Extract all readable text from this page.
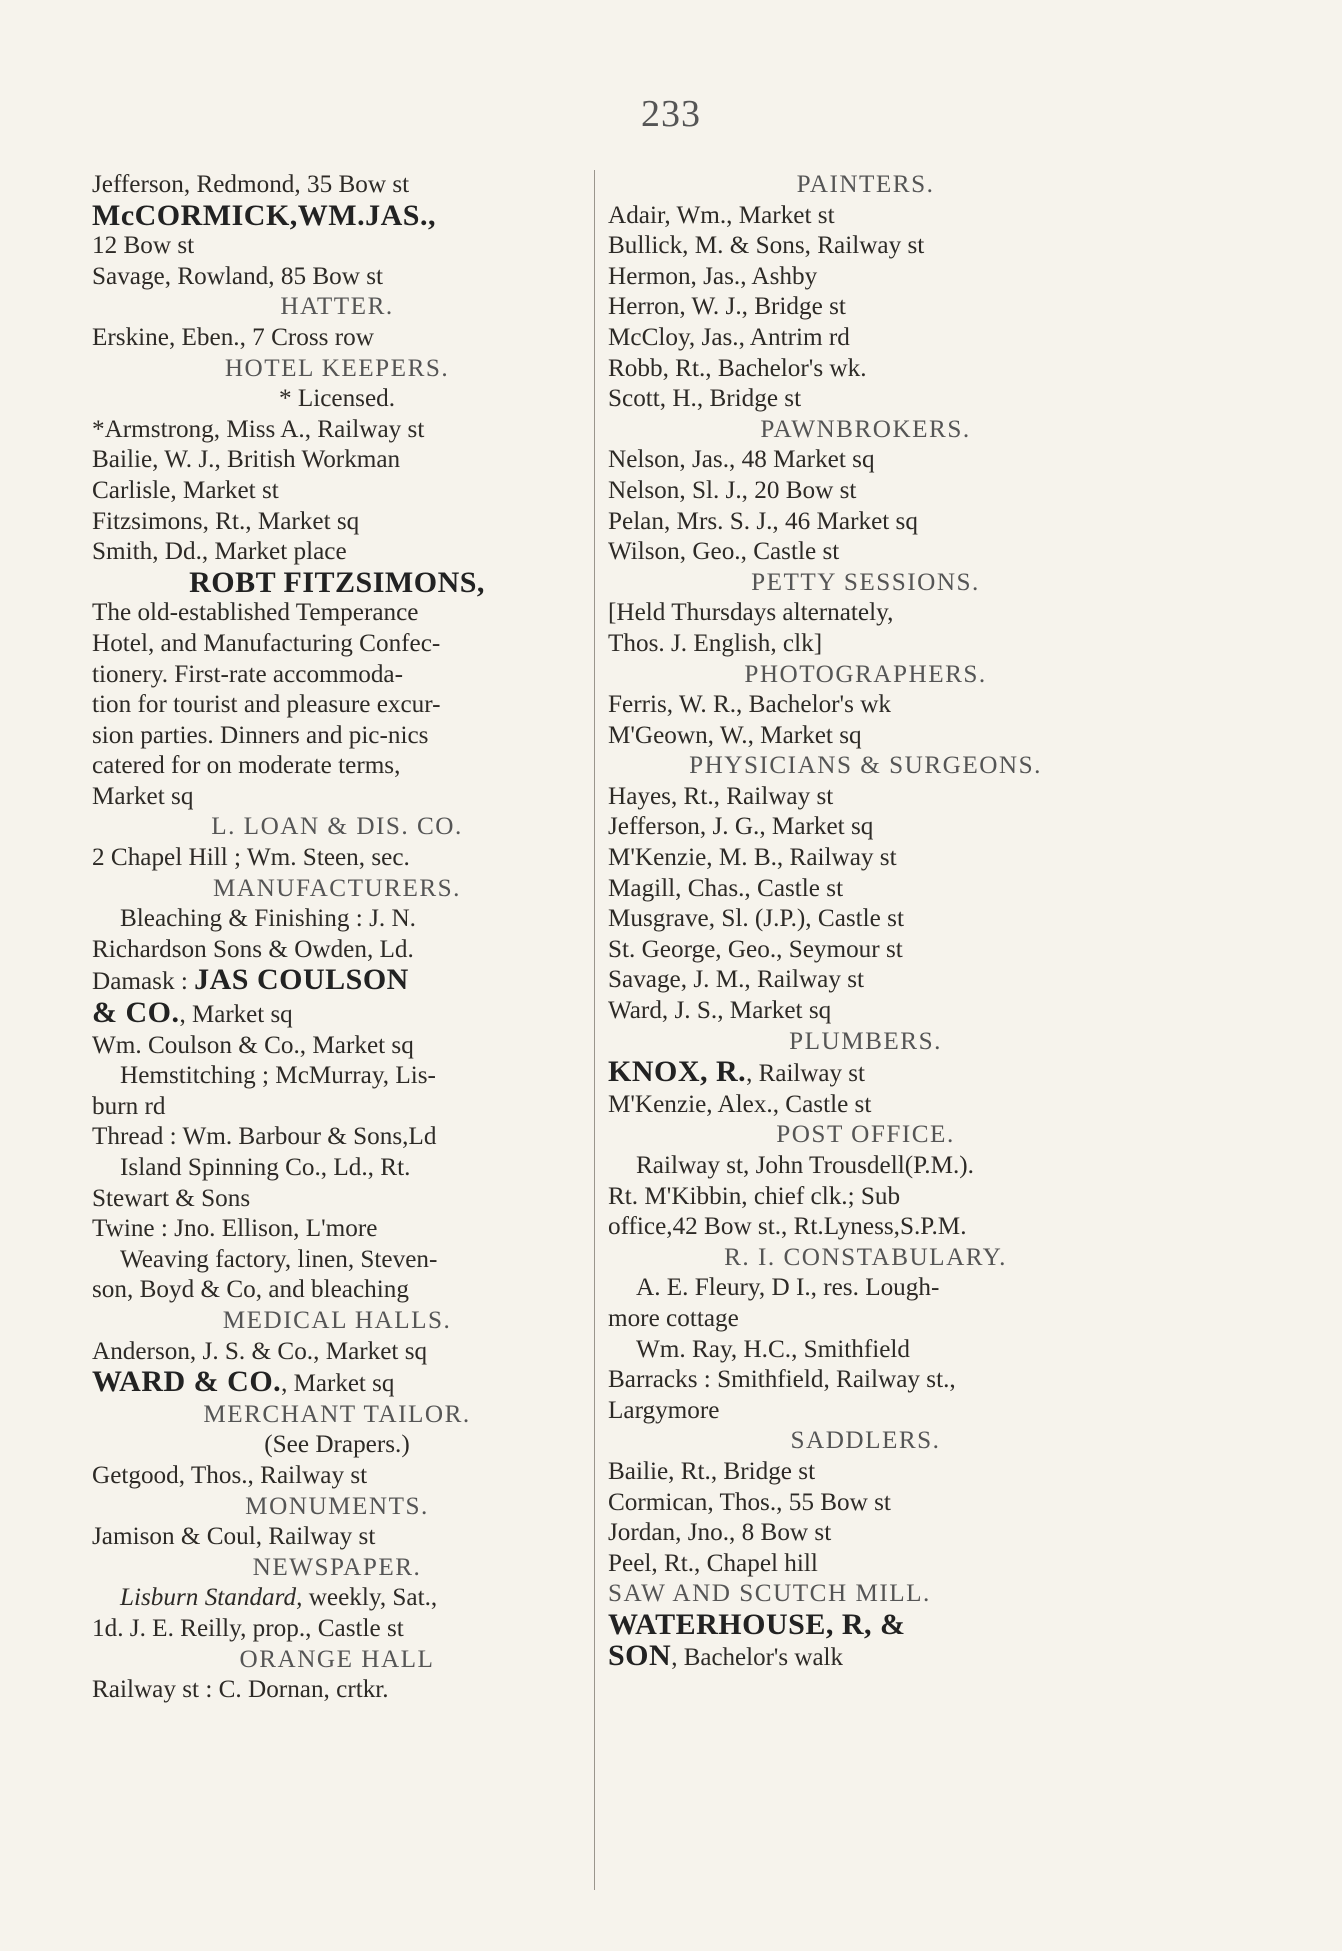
233
Jefferson, Redmond, 35 Bow st
McCORMICK,WM.JAS.,
12 Bow st
Savage, Rowland, 85 Bow st
HATTER.
Erskine, Eben., 7 Cross row
HOTEL KEEPERS.
* Licensed.
*Armstrong, Miss A., Railway st
Bailie, W. J., British Workman
Carlisle, Market st
Fitzsimons, Rt., Market sq
Smith, Dd., Market place
ROBT FITZSIMONS,
The old-established Temperance
Hotel, and Manufacturing Confec-
tionery. First-rate accommoda-
tion for tourist and pleasure excur-
sion parties. Dinners and pic-nics
catered for on moderate terms,
Market sq
L. LOAN & DIS. CO.
2 Chapel Hill ; Wm. Steen, sec.
MANUFACTURERS.
Bleaching & Finishing : J. N.
Richardson Sons & Owden, Ld.
Damask : JAS COULSON
& CO., Market sq
Wm. Coulson & Co., Market sq
Hemstitching ; McMurray, Lis-
burn rd
Thread : Wm. Barbour & Sons,Ld
Island Spinning Co., Ld., Rt.
Stewart & Sons
Twine : Jno. Ellison, L'more
Weaving factory, linen, Steven-
son, Boyd & Co, and bleaching
MEDICAL HALLS.
Anderson, J. S. & Co., Market sq
WARD & CO., Market sq
MERCHANT TAILOR.
(See Drapers.)
Getgood, Thos., Railway st
MONUMENTS.
Jamison & Coul, Railway st
NEWSPAPER.
Lisburn Standard, weekly, Sat.,
1d. J. E. Reilly, prop., Castle st
ORANGE HALL
Railway st : C. Dornan, crtkr.
PAINTERS.
Adair, Wm., Market st
Bullick, M. & Sons, Railway st
Hermon, Jas., Ashby
Herron, W. J., Bridge st
McCloy, Jas., Antrim rd
Robb, Rt., Bachelor's wk.
Scott, H., Bridge st
PAWNBROKERS.
Nelson, Jas., 48 Market sq
Nelson, Sl. J., 20 Bow st
Pelan, Mrs. S. J., 46 Market sq
Wilson, Geo., Castle st
PETTY SESSIONS.
[Held Thursdays alternately,
Thos. J. English, clk]
PHOTOGRAPHERS.
Ferris, W. R., Bachelor's wk
M'Geown, W., Market sq
PHYSICIANS & SURGEONS.
Hayes, Rt., Railway st
Jefferson, J. G., Market sq
M'Kenzie, M. B., Railway st
Magill, Chas., Castle st
Musgrave, Sl. (J.P.), Castle st
St. George, Geo., Seymour st
Savage, J. M., Railway st
Ward, J. S., Market sq
PLUMBERS.
KNOX, R., Railway st
M'Kenzie, Alex., Castle st
POST OFFICE.
Railway st, John Trousdell(P.M.).
Rt. M'Kibbin, chief clk.; Sub
office,42 Bow st., Rt.Lyness,S.P.M.
R. I. CONSTABULARY.
A. E. Fleury, D I., res. Lough-
more cottage
Wm. Ray, H.C., Smithfield
Barracks : Smithfield, Railway st.,
Largymore
SADDLERS.
Bailie, Rt., Bridge st
Cormican, Thos., 55 Bow st
Jordan, Jno., 8 Bow st
Peel, Rt., Chapel hill
SAW AND SCUTCH MILL.
WATERHOUSE, R, &
SON, Bachelor's walk
